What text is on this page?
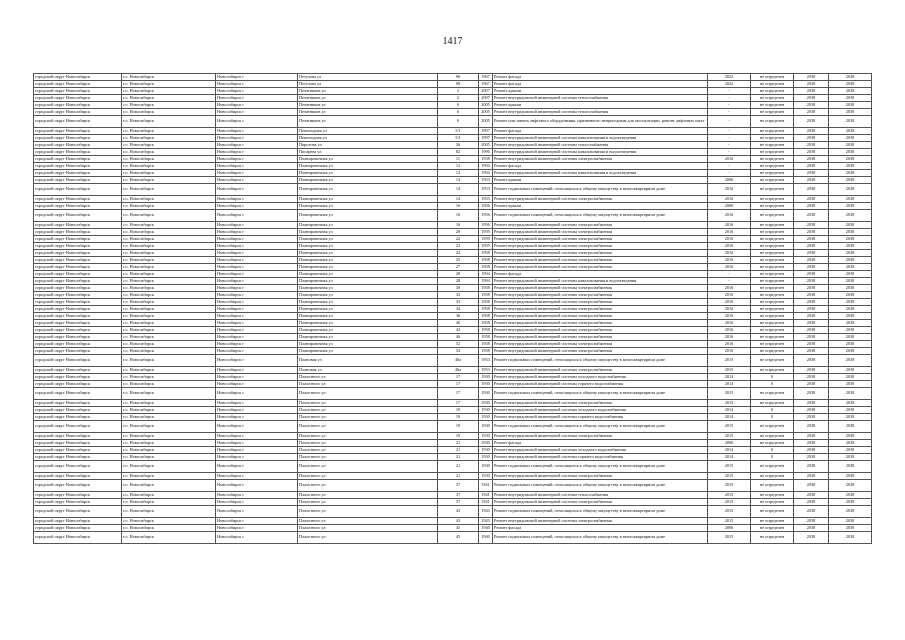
1417
городской округ Новосибирск	г.о. Новосибирск	Новосибирск г	Петухова ул	96	1967	Ремонт фасада	2022	не определен	2038	2038
городской округ Новосибирск	г.о. Новосибирск	Новосибирск г	Петухова ул	98	1967	Ремонт фасада	2022	не определен	2038	2038
городской округ Новосибирск	г.о. Новосибирск	Новосибирск г	Печатников ул	2	2007	Ремонт крыши	-	не определен	2038	2038
городской округ Новосибирск	г.о. Новосибирск	Новосибирск г	Печатников ул	2	2007	Ремонт внутридомовой инженерной системы теплоснабжения	-	не определен	2038	2038
городской округ Новосибирск	г.о. Новосибирск	Новосибирск г	Печатников ул	6	2005	Ремонт крыши	-	не определен	2038	2038
городской округ Новосибирск	г.о. Новосибирск	Новосибирск г	Печатников ул	6	2005	Ремонт внутридомовой инженерной системы теплоснабжения	-	не определен	2038	2038
городской округ Новосибирск	г.о. Новосибирск	Новосибирск г	Печатников ул	6	2005	Ремонт или замена лифтового оборудования, признанного непригодным для эксплуатации, ремонт лифтовых шахт	-	не определен	2038	2038
городской округ Новосибирск	г.о. Новосибирск	Новосибирск г	Пешеходная ул	5/1	1997	Ремонт фасада	-	не определен	2038	2038
городской округ Новосибирск	г.о. Новосибирск	Новосибирск г	Пешеходная ул	5/1	1997	Ремонт внутридомовой инженерной системы канализования и водоотведения	-	не определен	2038	2038
городской округ Новосибирск	г.о. Новосибирск	Новосибирск г	Пироговa ул	26	2005	Ремонт внутридомовой инженерной системы теплоснабжения	-	не определен	2038	2038
городской округ Новосибирск	г.о. Новосибирск	Новосибирск г	Писарева ул	82	1996	Ремонт внутридомовой инженерной системы канализования и водоотведения	-	не определен	2038	2038
городской округ Новосибирск	г.о. Новосибирск	Новосибирск г	Планировочная ул	11	1958	Ремонт внутридомовой инженерной системы электроснабжения	2016	не определен	2038	2038
городской округ Новосибирск	г.о. Новосибирск	Новосибирск г	Планировочная ул	12	1994	Ремонт фасада	-	не определен	2038	2038
городской округ Новосибирск	г.о. Новосибирск	Новосибирск г	Планировочная ул	12	1994	Ремонт внутридомовой инженерной системы канализования и водоотведения	-	не определен	2038	2038
городской округ Новосибирск	г.о. Новосибирск	Новосибирск г	Планировочная ул	14	1953	Ремонт крыши	2006	не определен	2038	2038
городской округ Новосибирск	г.о. Новосибирск	Новосибирск г	Планировочная ул	14	1953	Ремонт подвальных помещений, относящихся к общему имуществу в многоквартирном доме	2016	не определен	2038	2038
городской округ Новосибирск	г.о. Новосибирск	Новосибирск г	Планировочная ул	14	1953	Ремонт внутридомовой инженерной системы электроснабжения	2016	не определен	2038	2038
городской округ Новосибирск	г.о. Новосибирск	Новосибирск г	Планировочная ул	16	1956	Ремонт крыши	2006	не определен	2038	2038
городской округ Новосибирск	г.о. Новосибирск	Новосибирск г	Планировочная ул	16	1956	Ремонт подвальных помещений, относящихся к общему имуществу в многоквартирном доме	2016	не определен	2038	2038
городской округ Новосибирск	г.о. Новосибирск	Новосибирск г	Планировочная ул	16	1956	Ремонт внутридомовой инженерной системы электроснабжения	2016	не определен	2038	2038
городской округ Новосибирск	г.о. Новосибирск	Новосибирск г	Планировочная ул	20	1959	Ремонт внутридомовой инженерной системы электроснабжения	2016	не определен	2038	2038
городской округ Новосибирск	г.о. Новосибирск	Новосибирск г	Планировочная ул	22	1959	Ремонт внутридомовой инженерной системы электроснабжения	2016	не определен	2038	2038
городской округ Новосибирск	г.о. Новосибирск	Новосибирск г	Планировочная ул	23	1959	Ремонт внутридомовой инженерной системы электроснабжения	2016	не определен	2038	2038
городской округ Новосибирск	г.о. Новосибирск	Новосибирск г	Планировочная ул	24	1958	Ремонт внутридомовой инженерной системы электроснабжения	2016	не определен	2038	2038
городской округ Новосибирск	г.о. Новосибирск	Новосибирск г	Планировочная ул	25	1958	Ремонт внутридомовой инженерной системы электроснабжения	2016	не определен	2038	2038
городской округ Новосибирск	г.о. Новосибирск	Новосибирск г	Планировочная ул	27	1958	Ремонт внутридомовой инженерной системы электроснабжения	2016	не определен	2038	2038
городской округ Новосибирск	г.о. Новосибирск	Новосибирск г	Планировочная ул	28	1994	Ремонт фасада	-	не определен	2038	2038
городской округ Новосибирск	г.о. Новосибирск	Новосибирск г	Планировочная ул	28	1994	Ремонт внутридомовой инженерной системы канализования и водоотведения	-	не определен	2038	2038
городской округ Новосибирск	г.о. Новосибирск	Новосибирск г	Планировочная ул	30	1958	Ремонт внутридомовой инженерной системы электроснабжения	2016	не определен	2038	2038
городской округ Новосибирск	г.о. Новосибирск	Новосибирск г	Планировочная ул	32	1958	Ремонт внутридомовой инженерной системы электроснабжения	2016	не определен	2038	2038
городской округ Новосибирск	г.о. Новосибирск	Новосибирск г	Планировочная ул	33	1958	Ремонт внутридомовой инженерной системы электроснабжения	2016	не определен	2038	2038
городской округ Новосибирск	г.о. Новосибирск	Новосибирск г	Планировочная ул	34	1958	Ремонт внутридомовой инженерной системы электроснабжения	2016	не определен	2038	2038
городской округ Новосибирск	г.о. Новосибирск	Новосибирск г	Планировочная ул	36	1958	Ремонт внутридомовой инженерной системы электроснабжения	2016	не определен	2038	2038
городской округ Новосибирск	г.о. Новосибирск	Новосибирск г	Планировочная ул	40	1958	Ремонт внутридомовой инженерной системы электроснабжения	2016	не определен	2038	2038
городской округ Новосибирск	г.о. Новосибирск	Новосибирск г	Планировочная ул	42	1958	Ремонт внутридомовой инженерной системы электроснабжения	2016	не определен	2038	2038
городской округ Новосибирск	г.о. Новосибирск	Новосибирск г	Планировочная ул	46	1958	Ремонт внутридомовой инженерной системы электроснабжения	2016	не определен	2038	2038
городской округ Новосибирск	г.о. Новосибирск	Новосибирск г	Планировочная ул	52	1958	Ремонт внутридомовой инженерной системы электроснабжения	2016	не определен	2038	2038
городской округ Новосибирск	г.о. Новосибирск	Новосибирск г	Планировочная ул	54	1958	Ремонт внутридомовой инженерной системы электроснабжения	2016	не определен	2038	2038
городской округ Новосибирск	г.о. Новосибирск	Новосибирск г	Плановая ул	46а	1953	Ремонт подвальных помещений, относящихся к общему имуществу в многоквартирном доме	2015	не определен	2038	2038
городской округ Новосибирск	г.о. Новосибирск	Новосибирск г	Плановая ул	46а	1953	Ремонт внутридомовой инженерной системы электроснабжения	2015	не определен	2038	2038
городской округ Новосибирск	г.о. Новосибирск	Новосибирск г	Плахотного ул	17	1930	Ремонт внутридомовой инженерной системы холодного водоснабжения	2014	0	2038	2038
городской округ Новосибирск	г.о. Новосибирск	Новосибирск г	Плахотного ул	17	1930	Ремонт внутридомовой инженерной системы горячего водоснабжения	2014	0	2038	2038
городской округ Новосибирск	г.о. Новосибирск	Новосибирск г	Плахотного ул	17	1930	Ремонт подвальных помещений, относящихся к общему имуществу в многоквартирном доме	2015	не определен	2038	2038
городской округ Новосибирск	г.о. Новосибирск	Новосибирск г	Плахотного ул	17	1930	Ремонт внутридомовой инженерной системы электроснабжения	2015	не определен	2038	2038
городской округ Новосибирск	г.о. Новосибирск	Новосибирск г	Плахотного ул	19	1930	Ремонт внутридомовой инженерной системы холодного водоснабжения	2014	0	2038	2038
городской округ Новосибирск	г.о. Новосибирск	Новосибирск г	Плахотного ул	19	1930	Ремонт внутридомовой инженерной системы горячего водоснабжения	2014	0	2038	2038
городской округ Новосибирск	г.о. Новосибирск	Новосибирск г	Плахотного ул	19	1930	Ремонт подвальных помещений, относящихся к общему имуществу в многоквартирном доме	2015	не определен	2038	2038
городской округ Новосибирск	г.о. Новосибирск	Новосибирск г	Плахотного ул	19	1930	Ремонт внутридомовой инженерной системы электроснабжения	2015	не определен	2038	2038
городской округ Новосибирск	г.о. Новосибирск	Новосибирск г	Плахотного ул	21	1930	Ремонт фасада	2006	не определен	2038	2038
городской округ Новосибирск	г.о. Новосибирск	Новосибирск г	Плахотного ул	21	1930	Ремонт внутридомовой инженерной системы холодного водоснабжения	2014	0	2038	2038
городской округ Новосибирск	г.о. Новосибирск	Новосибирск г	Плахотного ул	21	1930	Ремонт внутридомовой инженерной системы горячего водоснабжения	2014	0	2038	2038
городской округ Новосибирск	г.о. Новосибирск	Новосибирск г	Плахотного ул	21	1930	Ремонт подвальных помещений, относящихся к общему имуществу в многоквартирном доме	2015	не определен	2038	2038
городской округ Новосибирск	г.о. Новосибирск	Новосибирск г	Плахотного ул	21	1930	Ремонт внутридомовой инженерной системы электроснабжения	2015	не определен	2038	2038
городской округ Новосибирск	г.о. Новосибирск	Новосибирск г	Плахотного ул	37	1941	Ремонт подвальных помещений, относящихся к общему имуществу в многоквартирном доме	2015	не определен	2038	2038
городской округ Новосибирск	г.о. Новосибирск	Новосибирск г	Плахотного ул	37	1941	Ремонт внутридомовой инженерной системы теплоснабжения	2015	не определен	2038	2038
городской округ Новосибирск	г.о. Новосибирск	Новосибирск г	Плахотного ул	37	1941	Ремонт внутридомовой инженерной системы электроснабжения	2015	не определен	2038	2038
городской округ Новосибирск	г.о. Новосибирск	Новосибирск г	Плахотного ул	43	1943	Ремонт подвальных помещений, относящихся к общему имуществу в многоквартирном доме	2015	не определен	2038	2038
городской округ Новосибирск	г.о. Новосибирск	Новосибирск г	Плахотного ул	43	1943	Ремонт внутридомовой инженерной системы электроснабжения	2015	не определен	2038	2038
городской округ Новосибирск	г.о. Новосибирск	Новосибирск г	Плахотного ул	45	1940	Ремонт фасада	2006	не определен	2038	2038
городской округ Новосибирск	г.о. Новосибирск	Новосибирск г	Плахотного ул	45	1940	Ремонт подвальных помещений, относящихся к общему имуществу в многоквартирном доме	2015	не определен	2038	2038
